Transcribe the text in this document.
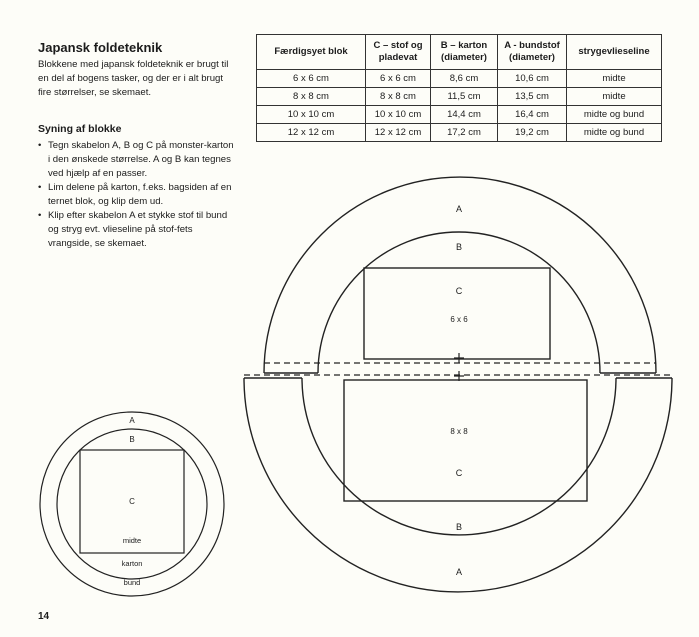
Japansk foldeteknik

Blokkene med japansk foldeteknik er brugt til en del af bogens tasker, og der er i alt brugt fire størrelser, se skemaet.

Syning af blokke
• Tegn skabelon A, B og C på monster-karton i den ønskede størrelse. A og B kan tegnes ved hjælp af en passer.
• Lim delene på karton, f.eks. bagsiden af en ternet blok, og klip dem ud.
• Klip efter skabelon A et stykke stof til bund og stryg evt. vlieseline på stof-fets vrangside, se skemaet.
Færdigsyet blok	C – stof og pladevat	B – karton (diameter)	A - bundstof (diameter)	strygevlieseline
6 x 6 cm	6 x 6 cm	8,6 cm	10,6 cm	midte
8 x 8 cm	8 x 8 cm	11,5 cm	13,5 cm	midte
10 x 10 cm	10 x 10 cm	14,4 cm	16,4 cm	midte og bund
12 x 12 cm	12 x 12 cm	17,2 cm	19,2 cm	midte og bund
A
B
C
midte
karton
bund
A
B
C
6 x 6
8 x 8
C
B
A
14
